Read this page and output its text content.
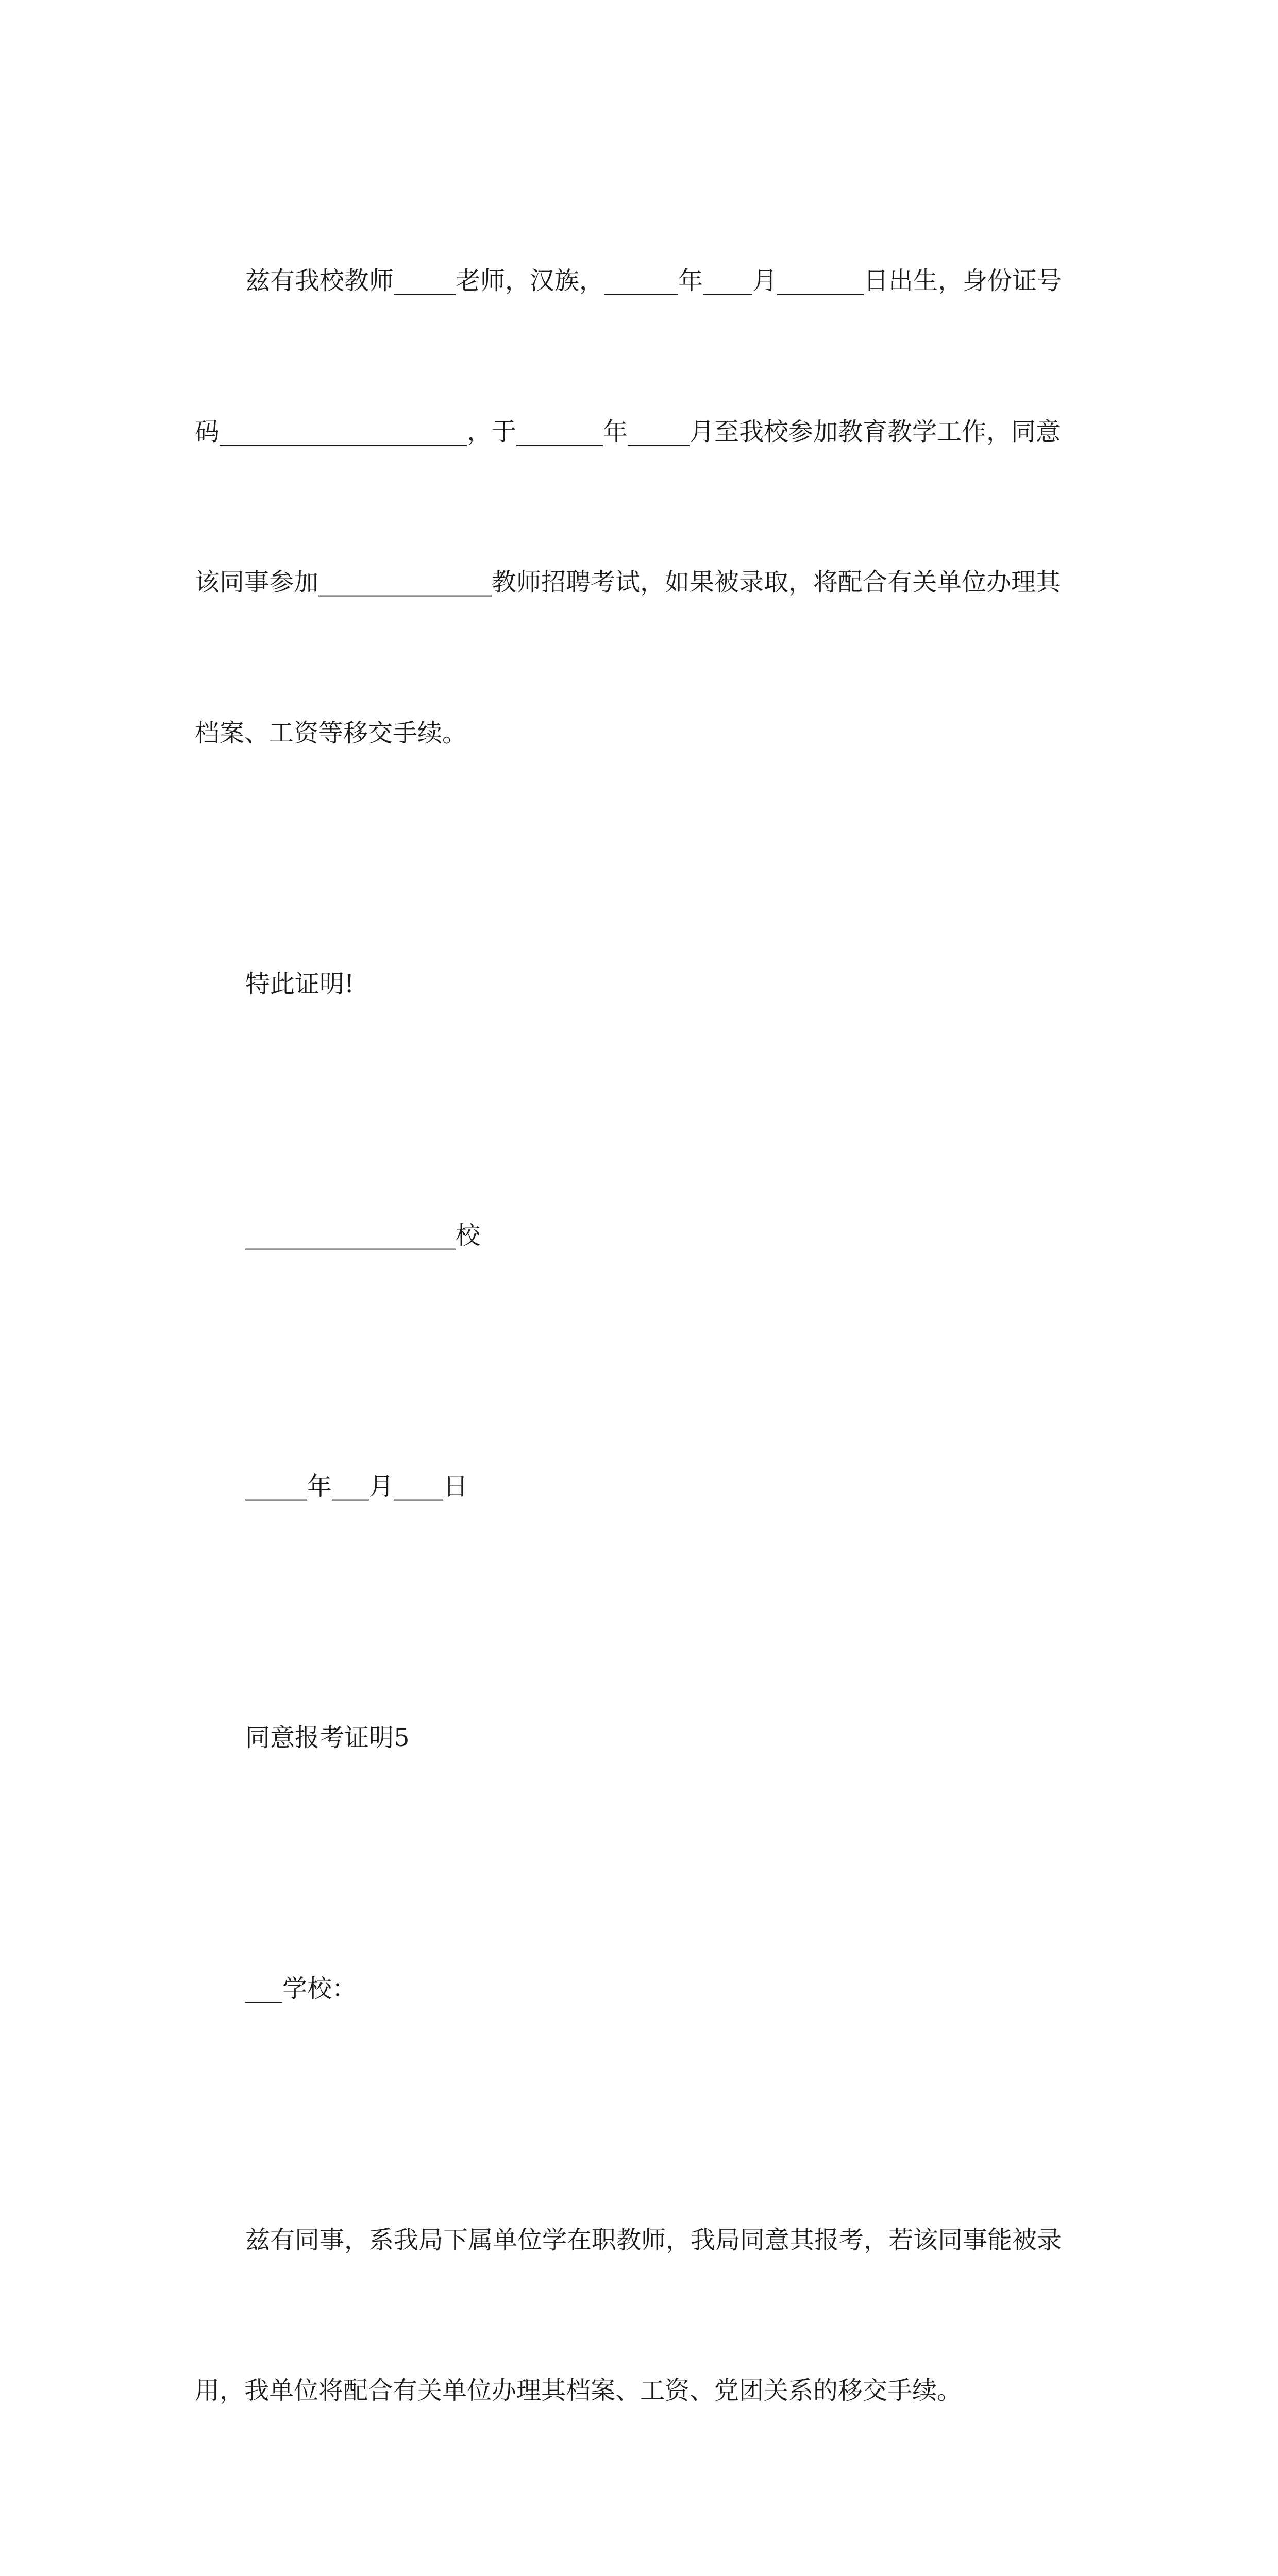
兹有我校教师_____老师，汉族，______年____月_______日出生，身份证号

码____________________，于_______年_____月至我校参加教育教学工作，同意

该同事参加______________教师招聘考试，如果被录取，将配合有关单位办理其

档案、工资等移交手续。

特此证明!

_________________校

_____年___月____日

同意报考证明5

___学校：

兹有同事，系我局下属单位学在职教师，我局同意其报考，若该同事能被录

用，我单位将配合有关单位办理其档案、工资、党团关系的移交手续。
